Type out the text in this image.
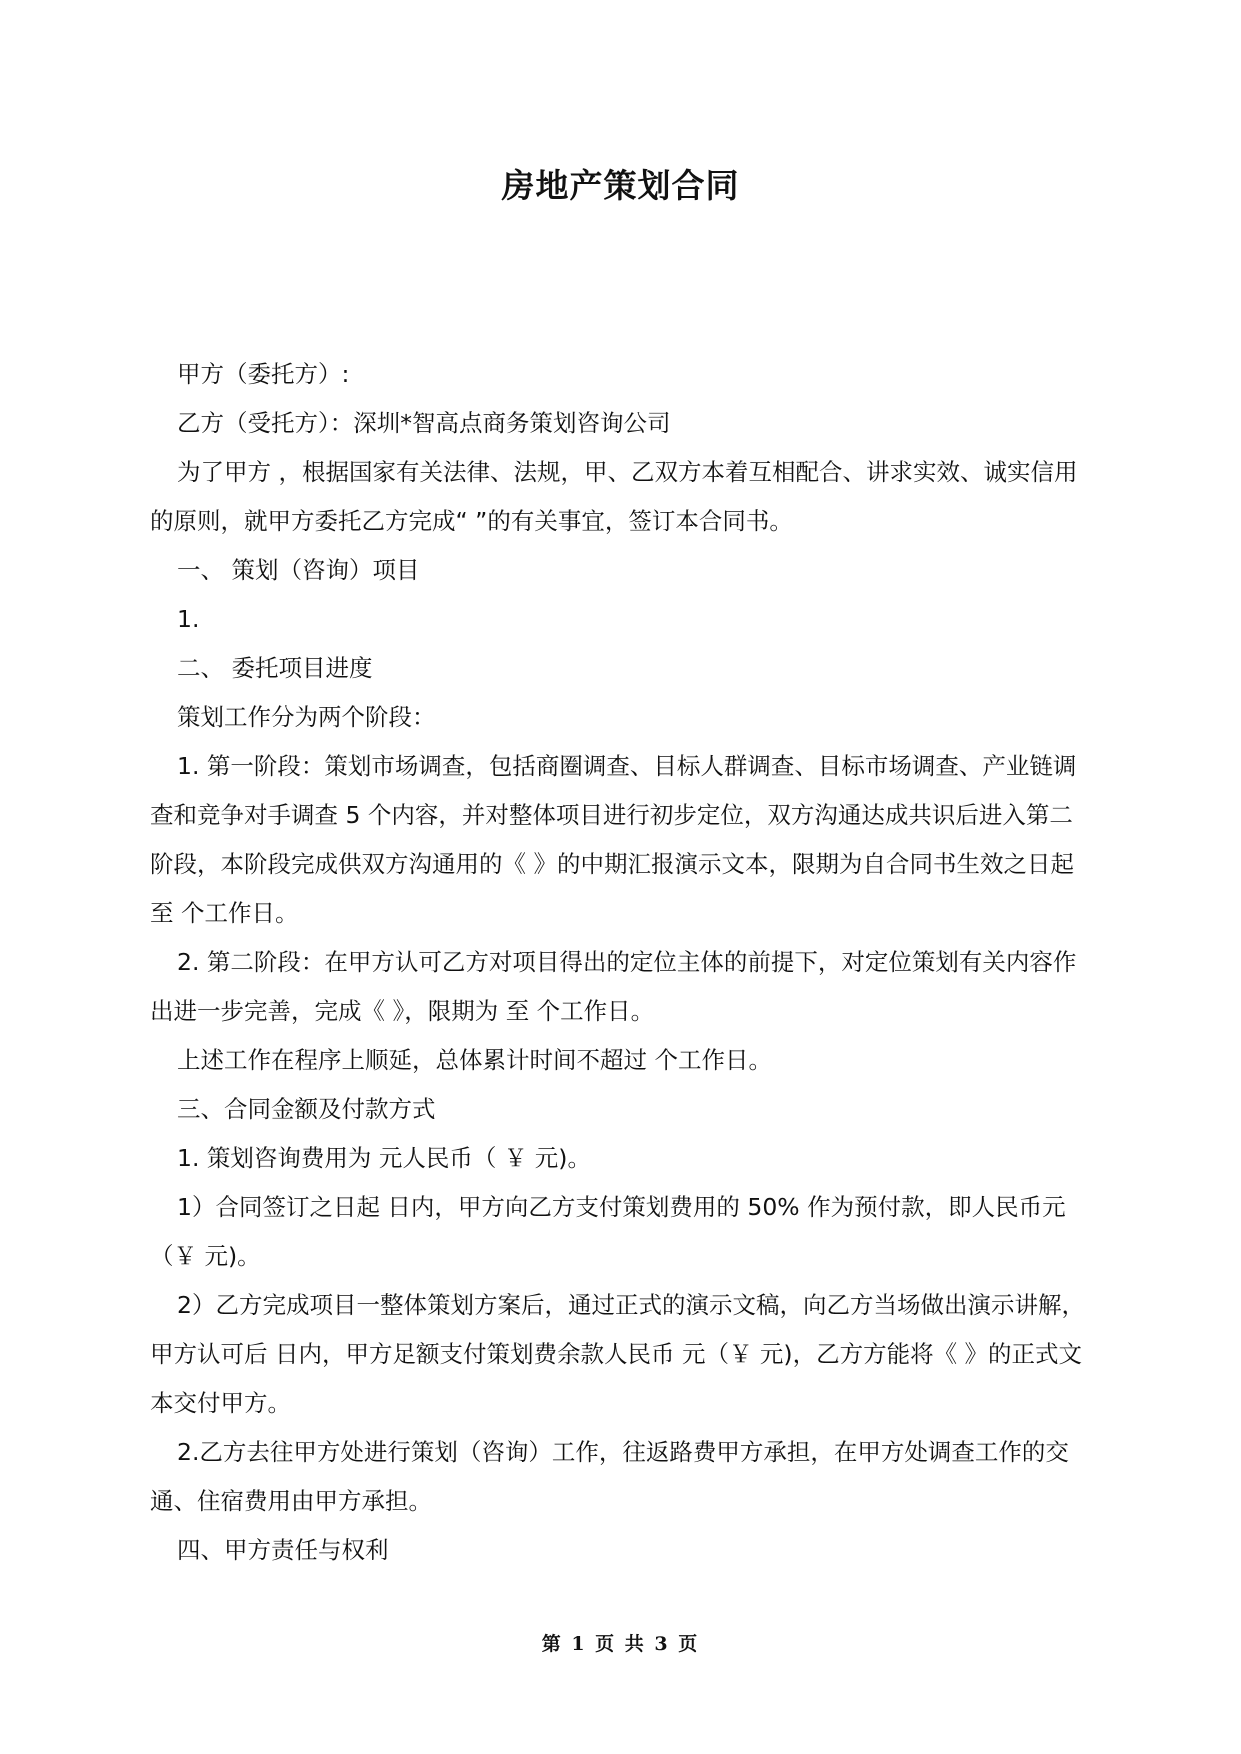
房地产策划合同

甲方（委托方）:

乙方（受托方）：深圳*智高点商务策划咨询公司

为了甲方 ，根据国家有关法律、法规，甲、乙双方本着互相配合、讲求实效、诚实信用的原则，就甲方委托乙方完成“ ”的有关事宜，签订本合同书。

一、 策划（咨询）项目

1.

二、 委托项目进度

策划工作分为两个阶段：

1. 第一阶段：策划市场调查，包括商圈调查、目标人群调查、目标市场调查、产业链调查和竞争对手调查 5 个内容，并对整体项目进行初步定位，双方沟通达成共识后进入第二阶段，本阶段完成供双方沟通用的《 》的中期汇报演示文本，限期为自合同书生效之日起 至 个工作日。

2. 第二阶段：在甲方认可乙方对项目得出的定位主体的前提下，对定位策划有关内容作出进一步完善，完成《 》，限期为 至 个工作日。

上述工作在程序上顺延，总体累计时间不超过 个工作日。

三、合同金额及付款方式

1. 策划咨询费用为 元人民币（ ￥ 元)。

1）合同签订之日起 日内，甲方向乙方支付策划费用的 50% 作为预付款，即人民币元（￥ 元)。

2）乙方完成项目一整体策划方案后，通过正式的演示文稿，向乙方当场做出演示讲解，甲方认可后 日内，甲方足额支付策划费余款人民币 元（￥ 元)，乙方方能将《 》的正式文本交付甲方。

2.乙方去往甲方处进行策划（咨询）工作，往返路费甲方承担，在甲方处调查工作的交通、住宿费用由甲方承担。

四、甲方责任与权利

第 1 页 共 3 页
